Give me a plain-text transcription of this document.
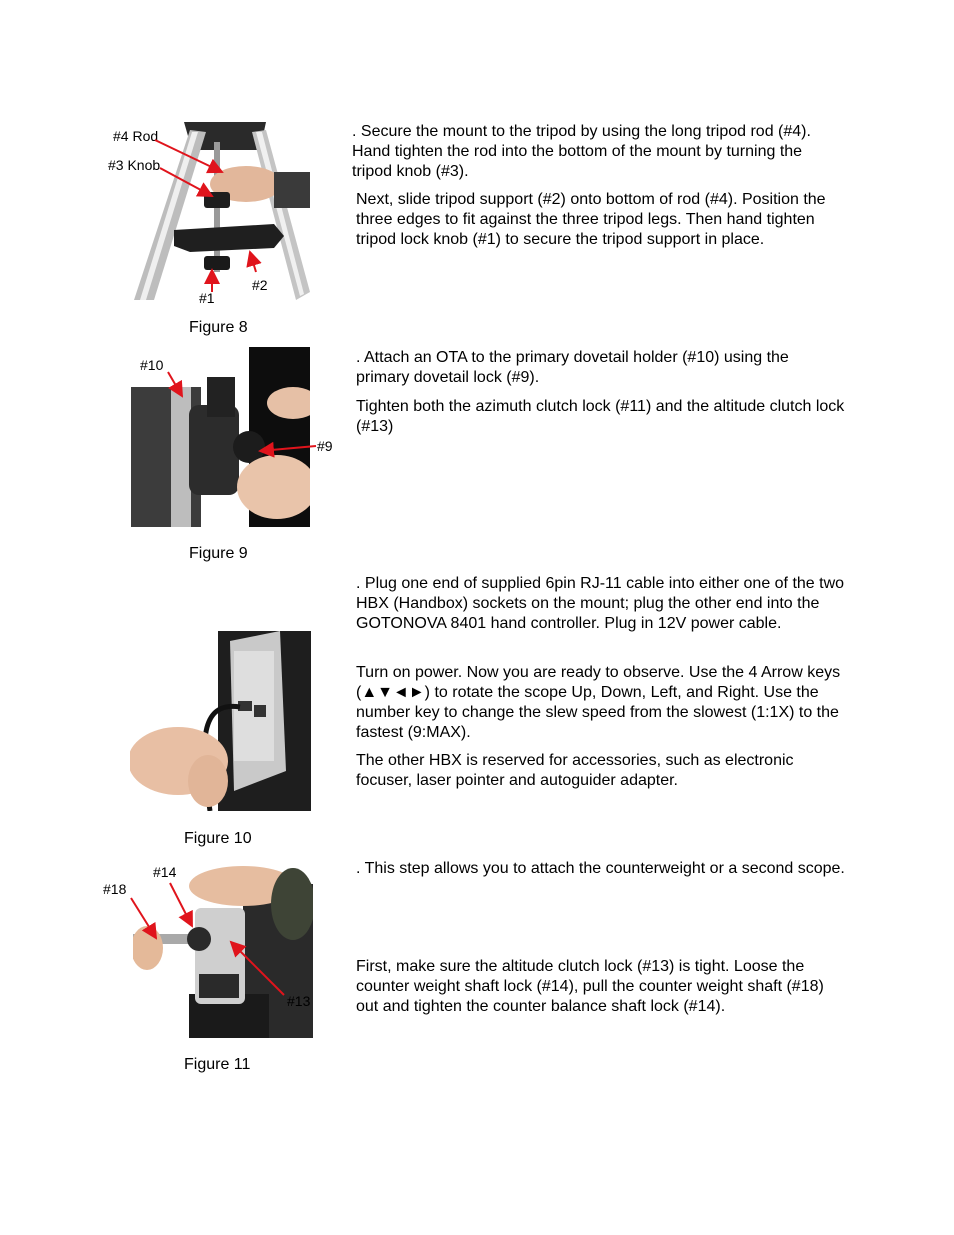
#4 Rod
#3 Knob
#1
#2
Figure 8
. Secure the mount to the tripod by using the long tripod rod (#4). Hand tighten the rod into the bottom of the mount by turning the tripod knob (#3).
Next, slide tripod support (#2) onto bottom of rod (#4). Position the three edges to fit against the three tripod legs. Then hand tighten tripod lock knob (#1) to secure the tripod support in place.
#10
#9
Figure 9
. Attach an OTA to the primary dovetail holder (#10) using the primary dovetail lock (#9).
Tighten both the azimuth clutch lock (#11) and the altitude clutch lock (#13)
Figure 10
. Plug one end of supplied 6pin RJ-11 cable into either one of the two HBX (Handbox) sockets on the mount; plug the other end into the GOTONOVA 8401 hand controller. Plug in 12V power cable.
Turn on power. Now you are ready to observe. Use the 4 Arrow keys (▲▼◄►) to rotate the scope Up, Down, Left, and Right. Use the number key to change the slew speed from the slowest (1:1X) to the fastest (9:MAX).
The other HBX is reserved for accessories, such as electronic focuser, laser pointer and autoguider adapter.
#14
#18
#13
Figure 11
. This step allows you to attach the counterweight or a second scope.
First, make sure the altitude clutch lock (#13) is tight. Loose the counter weight shaft lock (#14), pull the counter weight shaft (#18) out and tighten the counter balance shaft lock (#14).
